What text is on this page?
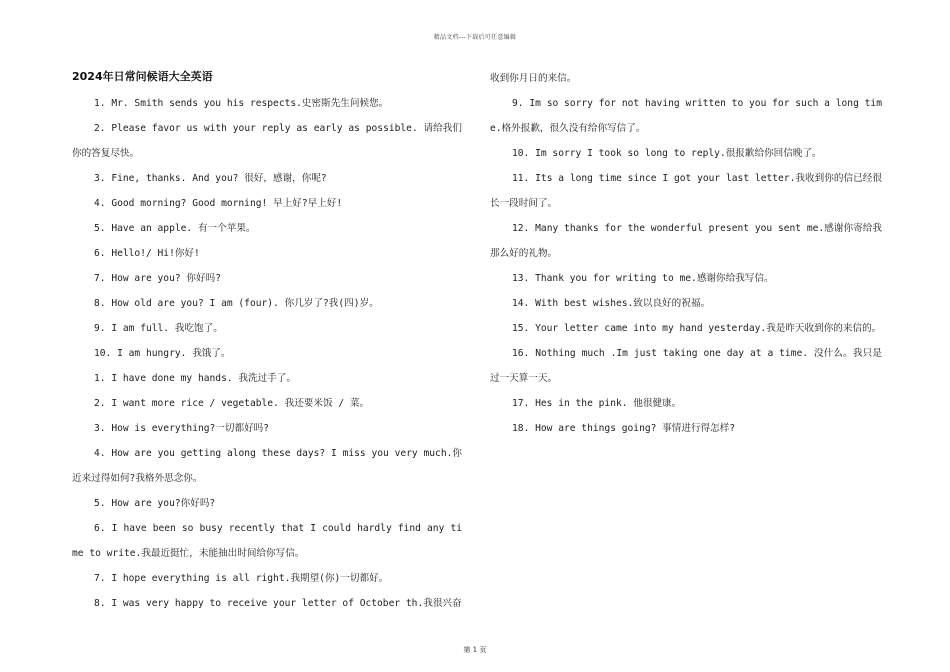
精品文档---下载后可任意编辑
2024年日常问候语大全英语

1. Mr. Smith sends you his respects.史密斯先生问候您。

2. Please favor us with your reply as early as possible. 请给我们你的答复尽快。

3. Fine, thanks. And you? 很好，感谢，你呢?

4. Good morning? Good morning! 早上好?早上好!

5. Have an apple. 有一个苹果。

6. Hello!/ Hi!你好!

7. How are you? 你好吗?

8. How old are you? I am (four). 你几岁了?我(四)岁。

9. I am full. 我吃饱了。

10. I am hungry. 我饿了。

1. I have done my hands. 我洗过手了。

2. I want more rice / vegetable. 我还要米饭 / 菜。

3. How is everything?一切都好吗?

4. How are you getting along these days? I miss you very much.你近来过得如何?我格外思念你。

5. How are you?你好吗?

6. I have been so busy recently that I could hardly find any time to write.我最近挺忙，未能抽出时间给你写信。

7. I hope everything is all right.我期望(你)一切都好。

8. I was very happy to receive your letter of October th.我很兴奋

收到你月日的来信。

9. Im so sorry for not having written to you for such a long time.格外报歉，很久没有给你写信了。

10. Im sorry I took so long to reply.很报歉给你回信晚了。

11. Its a long time since I got your last letter.我收到你的信已经很长一段时间了。

12. Many thanks for the wonderful present you sent me.感谢你寄给我那么好的礼物。

13. Thank you for writing to me.感谢你给我写信。

14. With best wishes.致以良好的祝福。

15. Your letter came into my hand yesterday.我是昨天收到你的来信的。

16. Nothing much .Im just taking one day at a time. 没什么。我只是过一天算一天。

17. Hes in the pink. 他很健康。

18. How are things going? 事情进行得怎样?

第 1 页
